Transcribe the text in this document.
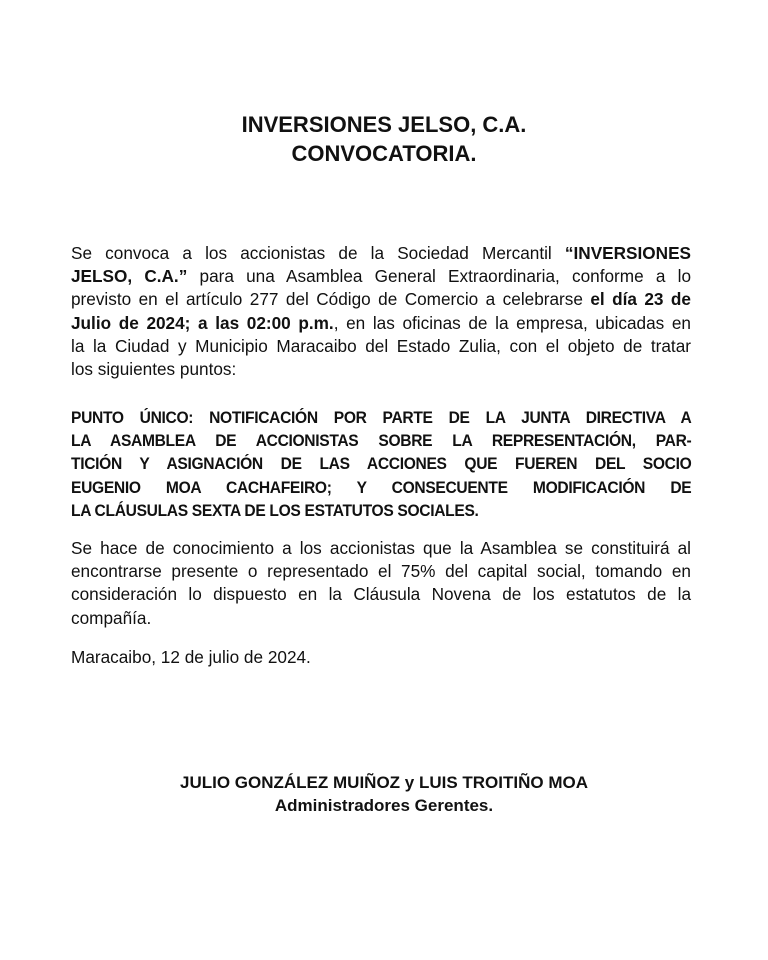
INVERSIONES JELSO, C.A.
CONVOCATORIA.
Se convoca a los accionistas de la Sociedad Mercantil “INVERSIONES
JELSO, C.A.” para una Asamblea General Extraordinaria, conforme a lo
previsto en el artículo 277 del Código de Comercio a celebrarse el día 23 de
Julio de 2024; a las 02:00 p.m., en las oficinas de la empresa, ubicadas en
la la Ciudad y Municipio Maracaibo del Estado Zulia, con el objeto de tratar
los siguientes puntos:
PUNTO ÚNICO: NOTIFICACIÓN POR PARTE DE LA JUNTA DIRECTIVA A
LA ASAMBLEA DE ACCIONISTAS SOBRE LA REPRESENTACIÓN, PAR-
TICIÓN Y ASIGNACIÓN DE LAS ACCIONES QUE FUEREN DEL SOCIO
EUGENIO MOA CACHAFEIRO; Y CONSECUENTE MODIFICACIÓN DE
LA CLÁUSULAS SEXTA DE LOS ESTATUTOS SOCIALES.
Se hace de conocimiento a los accionistas que la Asamblea se constituirá al
encontrarse presente o representado el 75% del capital social, tomando en
consideración lo dispuesto en la Cláusula Novena de los estatutos de la
compañía.
Maracaibo, 12 de julio de 2024.
JULIO GONZÁLEZ MUIÑOZ y LUIS TROITIÑO MOA
Administradores Gerentes.
